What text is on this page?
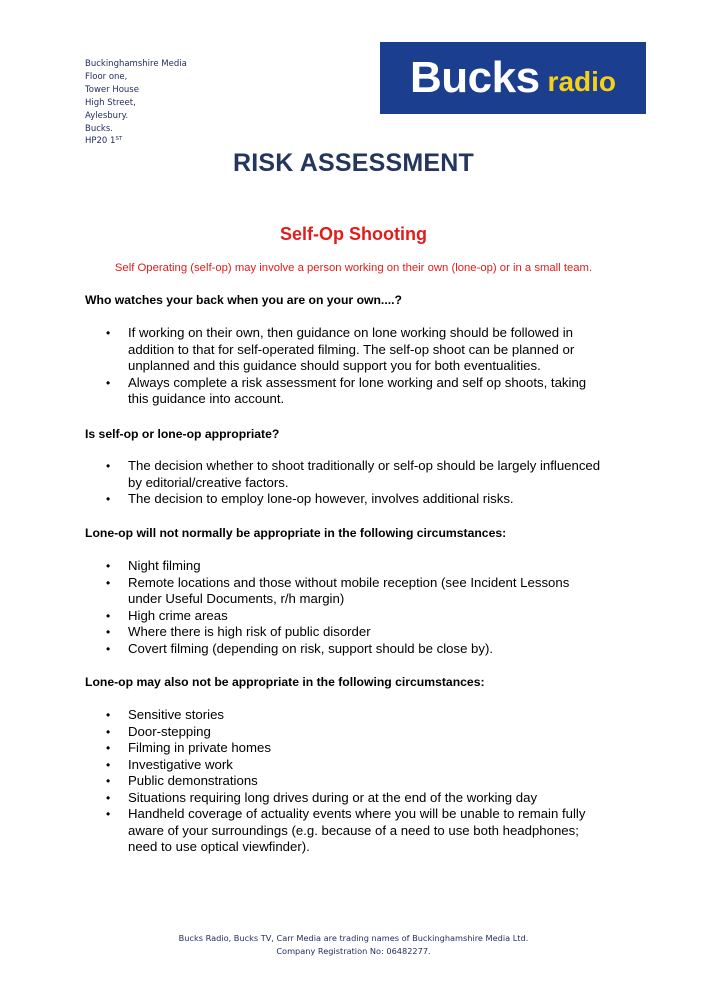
Buckinghamshire Media
Floor one,
Tower House
High Street,
Aylesbury.
Bucks.
HP20 1ST
Bucks radio
RISK ASSESSMENT
Self-Op Shooting
Self Operating (self-op) may involve a person working on their own (lone-op) or in a small team.
Who watches your back when you are on your own....?
• If working on their own, then guidance on lone working should be followed in addition to that for self-operated filming. The self-op shoot can be planned or unplanned and this guidance should support you for both eventualities.
• Always complete a risk assessment for lone working and self op shoots, taking this guidance into account.
Is self-op or lone-op appropriate?
• The decision whether to shoot traditionally or self-op should be largely influenced by editorial/creative factors.
• The decision to employ lone-op however, involves additional risks.
Lone-op will not normally be appropriate in the following circumstances:
• Night filming
• Remote locations and those without mobile reception (see Incident Lessons under Useful Documents, r/h margin)
• High crime areas
• Where there is high risk of public disorder
• Covert filming (depending on risk, support should be close by).
Lone-op may also not be appropriate in the following circumstances:
• Sensitive stories
• Door-stepping
• Filming in private homes
• Investigative work
• Public demonstrations
• Situations requiring long drives during or at the end of the working day
• Handheld coverage of actuality events where you will be unable to remain fully aware of your surroundings (e.g. because of a need to use both headphones; need to use optical viewfinder).
Bucks Radio, Bucks TV, Carr Media are trading names of Buckinghamshire Media Ltd.
Company Registration No: 06482277.
